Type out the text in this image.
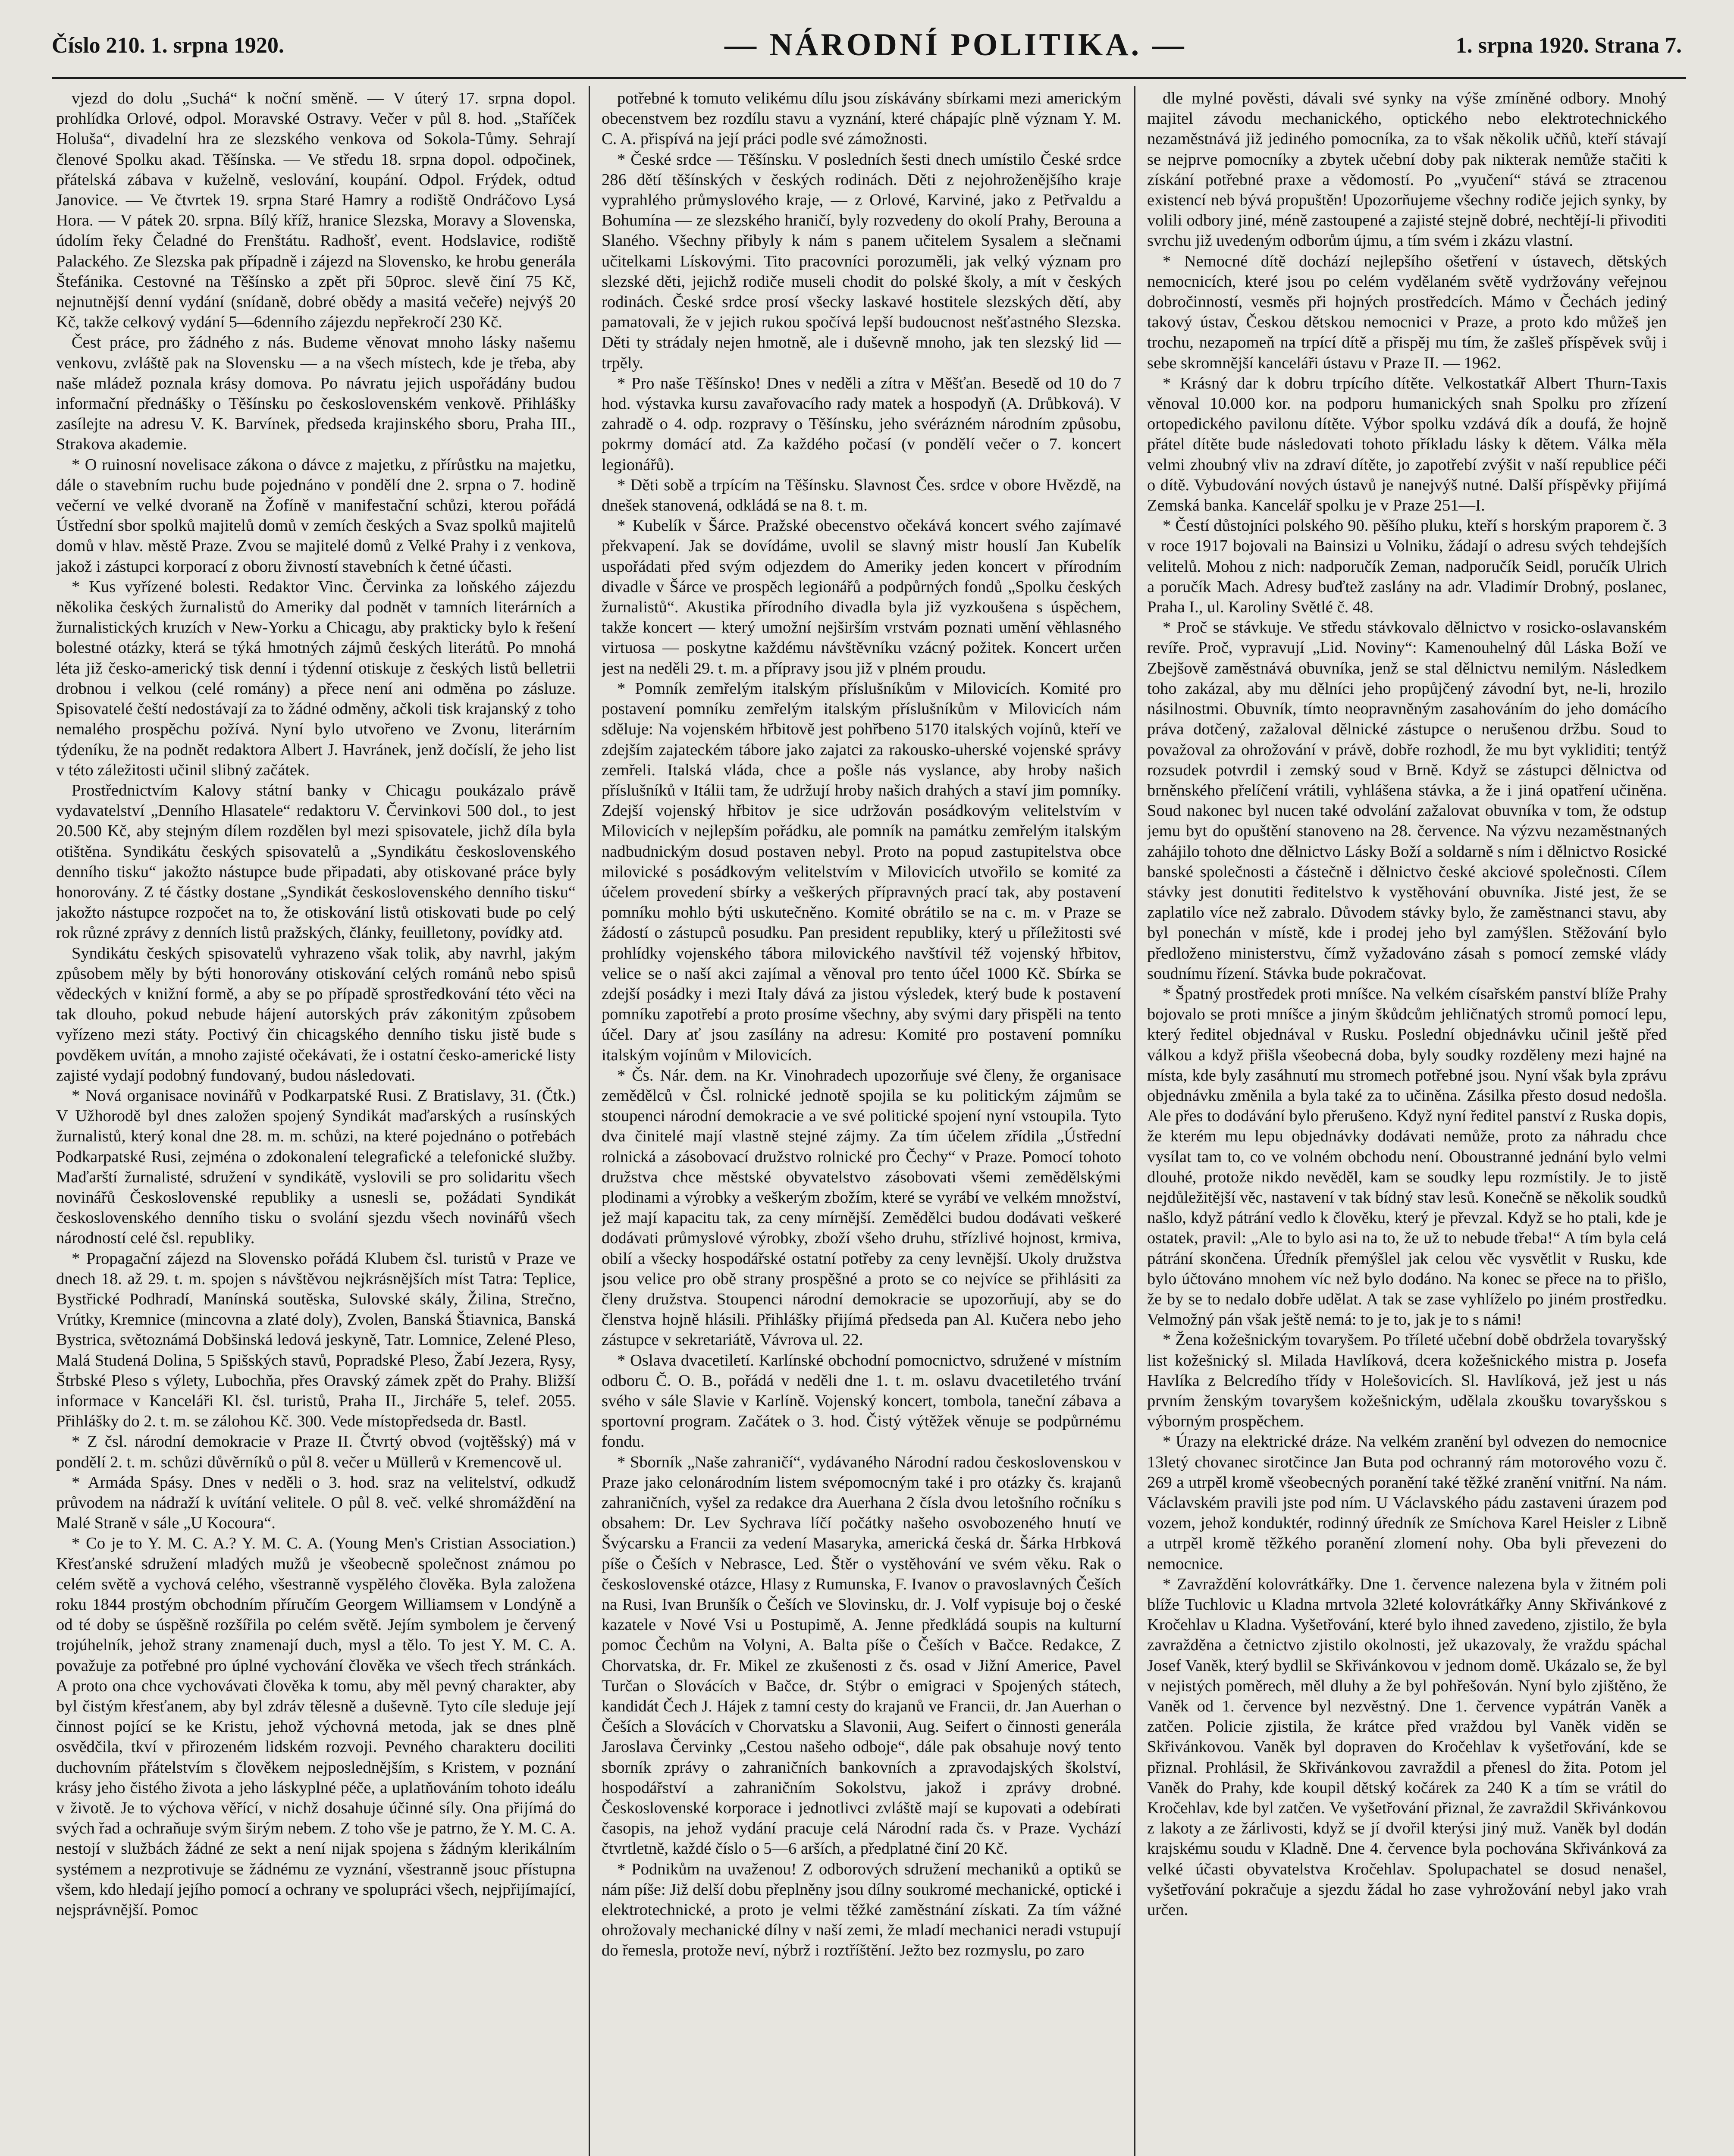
Číslo 210. 1. srpna 1920.	— NÁRODNÍ POLITIKA. —	1. srpna 1920. Strana 7.

vjezd do dolu „Suchá“ k noční směně. — V úterý 17. srpna dopol. prohlídka Orlové, odpol. Moravské Ostravy. Večer v půl 8. hod. „Staříček Holuša“, divadelní hra ze slezského venkova od Sokola-Tůmy. Sehrají členové Spolku akad. Těšínska. — Ve středu 18. srpna dopol. odpočinek, přátelská zábava v kuželně, veslování, koupání. Odpol. Frýdek, odtud Janovice. — Ve čtvrtek 19. srpna Staré Hamry a rodiště Ondráčovo Lysá Hora. — V pátek 20. srpna. Bílý kříž, hranice Slezska, Moravy a Slovenska, údolím řeky Čeladné do Frenštátu. Radhošť, event. Hodslavice, rodiště Palackého. Ze Slezska pak případně i zájezd na Slovensko, ke hrobu generála Štefánika. Cestovné na Těšínsko a zpět při 50proc. slevě činí 75 Kč, nejnutnější denní vydání (snídaně, dobré obědy a masitá večeře) nejvýš 20 Kč, takže celkový vydání 5—6denního zájezdu nepřekročí 230 Kč.

Čest práce, pro žádného z nás. Budeme věnovat mnoho lásky našemu venkovu, zvláště pak na Slovensku — a na všech místech, kde je třeba, aby naše mládež poznala krásy domova. Po návratu jejich uspořádány budou informační přednášky o Těšínsku po československém venkově. Přihlášky zasílejte na adresu V. K. Barvínek, předseda krajinského sboru, Praha III., Strakova akademie.

* O ruinosní novelisace zákona o dávce z majetku, z přírůstku na majetku, dále o stavebním ruchu bude pojednáno v pondělí dne 2. srpna o 7. hodině večerní ve velké dvoraně na Žofíně v manifestační schůzi, kterou pořádá Ústřední sbor spolků majitelů domů v zemích českých a Svaz spolků majitelů domů v hlav. městě Praze. Zvou se majitelé domů z Velké Prahy i z venkova, jakož i zástupci korporací z oboru živností stavebních k četné účasti.

* Kus vyřízené bolesti. Redaktor Vinc. Červinka za loňského zájezdu několika českých žurnalistů do Ameriky dal podnět v tamních literárních a žurnalistických kruzích v New-Yorku a Chicagu, aby prakticky bylo k řešení bolestné otázky, která se týká hmotných zájmů českých literátů. Po mnohá léta již česko-americký tisk denní i týdenní otiskuje z českých listů belletrii drobnou i velkou (celé romány) a přece není ani odměna po zásluze. Spisovatelé čeští nedostávají za to žádné odměny, ačkoli tisk krajanský z toho nemalého prospěchu požívá. Nyní bylo utvořeno ve Zvonu, literárním týdeníku, že na podnět redaktora Albert J. Havránek, jenž dočíslí, že jeho list v této záležitosti učinil slibný začátek.

Prostřednictvím Kalovy státní banky v Chicagu poukázalo právě vydavatelství „Denního Hlasatele“ redaktoru V. Červinkovi 500 dol., to jest 20.500 Kč, aby stejným dílem rozdělen byl mezi spisovatele, jichž díla byla otištěna. Syndikátu českých spisovatelů a „Syndikátu československého denního tisku“ jakožto nástupce bude připadati, aby otiskované práce byly honorovány. Z té částky dostane „Syndikát československého denního tisku“ jakožto nástupce rozpočet na to, že otiskování listů otiskovati bude po celý rok různé zprávy z denních listů pražských, články, feuilletony, povídky atd.

Syndikátu českých spisovatelů vyhrazeno však tolik, aby navrhl, jakým způsobem měly by býti honorovány otiskování celých románů nebo spisů vědeckých v knižní formě, a aby se po případě sprostředkování této věci na tak dlouho, pokud nebude hájení autorských práv zákonitým způsobem vyřízeno mezi státy. Poctivý čin chicagského denního tisku jistě bude s povděkem uvítán, a mnoho zajisté očekávati, že i ostatní česko-americké listy zajisté vydají podobný fundovaný, budou následovati.

* Nová organisace novinářů v Podkarpatské Rusi. Z Bratislavy, 31. (Čtk.) V Užhorodě byl dnes založen spojený Syndikát maďarských a rusínských žurnalistů, který konal dne 28. m. m. schůzi, na které pojednáno o potřebách Podkarpatské Rusi, zejména o zdokonalení telegrafické a telefonické služby. Maďarští žurnalisté, sdružení v syndikátě, vyslovili se pro solidaritu všech novinářů Československé republiky a usnesli se, požádati Syndikát československého denního tisku o svolání sjezdu všech novinářů všech národností celé čsl. republiky.

* Propagační zájezd na Slovensko pořádá Klubem čsl. turistů v Praze ve dnech 18. až 29. t. m. spojen s návštěvou nejkrásnějších míst Tatra: Teplice, Bystřické Podhradí, Manínská soutěska, Sulovské skály, Žilina, Strečno, Vrútky, Kremnice (mincovna a zlaté doly), Zvolen, Banská Štiavnica, Banská Bystrica, světoznámá Dobšinská ledová jeskyně, Tatr. Lomnice, Zelené Pleso, Malá Studená Dolina, 5 Spišských stavů, Popradské Pleso, Žabí Jezera, Rysy, Štrbské Pleso s výlety, Lubochňa, přes Oravský zámek zpět do Prahy. Bližší informace v Kanceláři Kl. čsl. turistů, Praha II., Jircháře 5, telef. 2055. Přihlášky do 2. t. m. se zálohou Kč. 300. Vede místopředseda dr. Bastl.

* Z čsl. národní demokracie v Praze II. Čtvrtý obvod (vojtěšský) má v pondělí 2. t. m. schůzi důvěrníků o půl 8. večer u Müllerů v Kremencově ul.

* Armáda Spásy. Dnes v neděli o 3. hod. sraz na velitelství, odkudž průvodem na nádraží k uvítání velitele. O půl 8. več. velké shromáždění na Malé Straně v sále „U Kocoura“.

* Co je to Y. M. C. A.? Y. M. C. A. (Young Men's Cristian Association.) Křesťanské sdružení mladých mužů je všeobecně společnost známou po celém světě a vychová celého, všestranně vyspělého člověka. Byla založena roku 1844 prostým obchodním příručím Georgem Williamsem v Londýně a od té doby se úspěšně rozšířila po celém světě. Jejím symbolem je červený trojúhelník, jehož strany znamenají duch, mysl a tělo. To jest Y. M. C. A. považuje za potřebné pro úplné vychování člověka ve všech třech stránkách. A proto ona chce vychovávati člověka k tomu, aby měl pevný charakter, aby byl čistým křesťanem, aby byl zdráv tělesně a duševně. Tyto cíle sleduje její činnost pojící se ke Kristu, jehož výchovná metoda, jak se dnes plně osvědčila, tkví v přirozeném lidském rozvoji. Pevného charakteru dociliti duchovním přátelstvím s člověkem nejposlednějším, s Kristem, v poznání krásy jeho čistého života a jeho láskyplné péče, a uplatňováním tohoto ideálu v životě. Je to výchova věřící, v nichž dosahuje účinné síly. Ona přijímá do svých řad a ochraňuje svým širým nebem. Z toho vše je patrno, že Y. M. C. A. nestojí v službách žádné ze sekt a není nijak spojena s žádným klerikálním systémem a nezprotivuje se žádnému ze vyznání, všestranně jsouc přístupna všem, kdo hledají jejího pomocí a ochrany ve spolupráci všech, nejpřijímající, nejsprávnější. Pomoc

potřebné k tomuto velikému dílu jsou získávány sbírkami mezi americkým obecenstvem bez rozdílu stavu a vyznání, které chápajíc plně význam Y. M. C. A. přispívá na její práci podle své zámožnosti.

* České srdce — Těšínsku. V posledních šesti dnech umístilo České srdce 286 dětí těšínských v českých rodinách. Děti z nejohroženějšího kraje vyprahlého průmyslového kraje, — z Orlové, Karviné, jako z Petřvaldu a Bohumína — ze slezského hraničí, byly rozvedeny do okolí Prahy, Berouna a Slaného. Všechny přibyly k nám s panem učitelem Sysalem a slečnami učitelkami Lískovými. Tito pracovníci porozuměli, jak velký význam pro slezské děti, jejichž rodiče museli chodit do polské školy, a mít v českých rodinách. České srdce prosí všecky laskavé hostitele slezských dětí, aby pamatovali, že v jejich rukou spočívá lepší budoucnost nešťastného Slezska. Děti ty strádaly nejen hmotně, ale i duševně mnoho, jak ten slezský lid — trpěly.

* Pro naše Těšínsko! Dnes v neděli a zítra v Měšťan. Besedě od 10 do 7 hod. výstavka kursu zavařovacího rady matek a hospodyň (A. Drůbková). V zahradě o 4. odp. rozpravy o Těšínsku, jeho svérázném národním způsobu, pokrmy domácí atd. Za každého počasí (v pondělí večer o 7. koncert legionářů).

* Děti sobě a trpícím na Těšínsku. Slavnost Čes. srdce v obore Hvězdě, na dnešek stanovená, odkládá se na 8. t. m.

* Kubelík v Šárce. Pražské obecenstvo očekává koncert svého zajímavé překvapení. Jak se dovídáme, uvolil se slavný mistr houslí Jan Kubelík uspořádati před svým odjezdem do Ameriky jeden koncert v přírodním divadle v Šárce ve prospěch legionářů a podpůrných fondů „Spolku českých žurnalistů“. Akustika přírodního divadla byla již vyzkoušena s úspěchem, takže koncert — který umožní nejširším vrstvám poznati umění věhlasného virtuosa — poskytne každému návštěvníku vzácný požitek. Koncert určen jest na neděli 29. t. m. a přípravy jsou již v plném proudu.

* Pomník zemřelým italským příslušníkům v Milovicích. Komité pro postavení pomníku zemřelým italským příslušníkům v Milovicích nám sděluje: Na vojenském hřbitově jest pohřbeno 5170 italských vojínů, kteří ve zdejším zajateckém tábore jako zajatci za rakousko-uherské vojenské správy zemřeli. Italská vláda, chce a pošle nás vyslance, aby hroby našich příslušníků v Itálii tam, že udržují hroby našich drahých a staví jim pomníky. Zdejší vojenský hřbitov je sice udržován posádkovým velitelstvím v Milovicích v nejlepším pořádku, ale pomník na památku zemřelým italským nadbudnickým dosud postaven nebyl. Proto na popud zastupitelstva obce milovické s posádkovým velitelstvím v Milovicích utvořilo se komité za účelem provedení sbírky a veškerých přípravných prací tak, aby postavení pomníku mohlo býti uskutečněno. Komité obrátilo se na c. m. v Praze se žádostí o zástupců posudku. Pan president republiky, který u příležitosti své prohlídky vojenského tábora milovického navštívil též vojenský hřbitov, velice se o naší akci zajímal a věnoval pro tento účel 1000 Kč. Sbírka se zdejší posádky i mezi Italy dává za jistou výsledek, který bude k postavení pomníku zapotřebí a proto prosíme všechny, aby svými dary přispěli na tento účel. Dary ať jsou zasílány na adresu: Komité pro postavení pomníku italským vojínům v Milovicích.

* Čs. Nár. dem. na Kr. Vinohradech upozorňuje své členy, že organisace zemědělců v Čsl. rolnické jednotě spojila se ku politickým zájmům se stoupenci národní demokracie a ve své politické spojení nyní vstoupila. Tyto dva činitelé mají vlastně stejné zájmy. Za tím účelem zřídila „Ústřední rolnická a zásobovací družstvo rolnické pro Čechy“ v Praze. Pomocí tohoto družstva chce městské obyvatelstvo zásobovati všemi zemědělskými plodinami a výrobky a veškerým zbožím, které se vyrábí ve velkém množství, jež mají kapacitu tak, za ceny mírnější. Zemědělci budou dodávati veškeré dodávati průmyslové výrobky, zboží všeho druhu, střízlivé hojnost, krmiva, obilí a všecky hospodářské ostatní potřeby za ceny levnější. Ukoly družstva jsou velice pro obě strany prospěšné a proto se co nejvíce se přihlásiti za členy družstva. Stoupenci národní demokracie se upozorňují, aby se do členstva hojně hlásili. Přihlášky přijímá předseda pan Al. Kučera nebo jeho zástupce v sekretariátě, Vávrova ul. 22.

* Oslava dvacetiletí. Karlínské obchodní pomocnictvo, sdružené v místním odboru Č. O. B., pořádá v neděli dne 1. t. m. oslavu dvacetiletého trvání svého v sále Slavie v Karlíně. Vojenský koncert, tombola, taneční zábava a sportovní program. Začátek o 3. hod. Čistý výtěžek věnuje se podpůrnému fondu.

* Sborník „Naše zahraničí“, vydávaného Národní radou československou v Praze jako celonárodním listem svépomocným také i pro otázky čs. krajanů zahraničních, vyšel za redakce dra Auerhana 2 čísla dvou letošního ročníku s obsahem: Dr. Lev Sychrava líčí počátky našeho osvobozeného hnutí ve Švýcarsku a Francii za vedení Masaryka, americká česká dr. Šárka Hrbková píše o Češích v Nebrasce, Led. Štěr o vystěhování ve svém věku. Rak o československé otázce, Hlasy z Rumunska, F. Ivanov o pravoslavných Češích na Rusi, Ivan Brunšík o Češích ve Slovinsku, dr. J. Volf vypisuje boj o české kazatele v Nové Vsi u Postupimě, A. Jenne předkládá soupis na kulturní pomoc Čechům na Volyni, A. Balta píše o Češích v Bačce. Redakce, Z Chorvatska, dr. Fr. Mikel ze zkušenosti z čs. osad v Jižní Americe, Pavel Turčan o Slovácích v Bačce, dr. Stýbr o emigraci v Spojených státech, kandidát Čech J. Hájek z tamní cesty do krajanů ve Francii, dr. Jan Auerhan o Češích a Slovácích v Chorvatsku a Slavonii, Aug. Seifert o činnosti generála Jaroslava Červinky „Cestou našeho odboje“, dále pak obsahuje nový tento sborník zprávy o zahraničních bankovních a zpravodajských školství, hospodářství a zahraničním Sokolstvu, jakož i zprávy drobné. Československé korporace i jednotlivci zvláště mají se kupovati a odebírati časopis, na jehož vydání pracuje celá Národní rada čs. v Praze. Vychází čtvrtletně, každé číslo o 5—6 arších, a předplatné činí 20 Kč.

* Podnikům na uvaženou! Z odborových sdružení mechaniků a optiků se nám píše: Již delší dobu přeplněny jsou dílny soukromé mechanické, optické i elektrotechnické, a proto je velmi těžké zaměstnání získati. Za tím vážné ohrožovaly mechanické dílny v naší zemi, že mladí mechanici neradi vstupují do řemesla, protože neví, nýbrž i roztříštění. Ježto bez rozmyslu, po zaro

dle mylné pověsti, dávali své synky na výše zmíněné odbory. Mnohý majitel závodu mechanického, optického nebo elektrotechnického nezaměstnává již jediného pomocníka, za to však několik učňů, kteří stávají se nejprve pomocníky a zbytek učební doby pak nikterak nemůže stačiti k získání potřebné praxe a vědomostí. Po „vyučení“ stává se ztracenou existencí neb bývá propuštěn! Upozorňujeme všechny rodiče jejich synky, by volili odbory jiné, méně zastoupené a zajisté stejně dobré, nechtějí-li přivoditi svrchu již uvedeným odborům újmu, a tím svém i zkázu vlastní.

* Nemocné dítě dochází nejlepšího ošetření v ústavech, dětských nemocnicích, které jsou po celém vydělaném světě vydržovány veřejnou dobročinností, vesměs při hojných prostředcích. Mámo v Čechách jediný takový ústav, Českou dětskou nemocnici v Praze, a proto kdo můžeš jen trochu, nezapomeň na trpící dítě a přispěj mu tím, že zašleš příspěvek svůj i sebe skromnější kanceláři ústavu v Praze II. — 1962.

* Krásný dar k dobru trpícího dítěte. Velkostatkář Albert Thurn-Taxis věnoval 10.000 kor. na podporu humanických snah Spolku pro zřízení ortopedického pavilonu dítěte. Výbor spolku vzdává dík a doufá, že hojně přátel dítěte bude následovati tohoto příkladu lásky k dětem. Válka měla velmi zhoubný vliv na zdraví dítěte, jo zapotřebí zvýšit v naší republice péči o dítě. Vybudování nových ústavů je nanejvýš nutné. Další příspěvky přijímá Zemská banka. Kancelář spolku je v Praze 251—I.

* Čestí důstojníci polského 90. pěšího pluku, kteří s horským praporem č. 3 v roce 1917 bojovali na Bainsizi u Volniku, žádají o adresu svých tehdejších velitelů. Mohou z nich: nadporučík Zeman, nadporučík Seidl, poručík Ulrich a poručík Mach. Adresy buďtež zaslány na adr. Vladimír Drobný, poslanec, Praha I., ul. Karoliny Světlé č. 48.

* Proč se stávkuje. Ve středu stávkovalo dělnictvo v rosicko-oslavanském revíře. Proč, vypravují „Lid. Noviny“: Kamenouhelný důl Láska Boží ve Zbejšově zaměstnává obuvníka, jenž se stal dělnictvu nemilým. Následkem toho zakázal, aby mu dělníci jeho propůjčený závodní byt, ne-li, hrozilo násilnostmi. Obuvník, tímto neopravněným zasahováním do jeho domácího práva dotčený, zažaloval dělnické zástupce o nerušenou držbu. Soud to považoval za ohrožování v právě, dobře rozhodl, že mu byt vykliditi; tentýž rozsudek potvrdil i zemský soud v Brně. Když se zástupci dělnictva od brněnského přelíčení vrátili, vyhlášena stávka, a že i jiná opatření učiněna. Soud nakonec byl nucen také odvolání zažalovat obuvníka v tom, že odstup jemu byt do opuštění stanoveno na 28. července. Na výzvu nezaměstnaných zahájilo tohoto dne dělnictvo Lásky Boží a soldarně s ním i dělnictvo Rosické banské společnosti a částečně i dělnictvo české akciové společnosti. Cílem stávky jest donutiti ředitelstvo k vystěhování obuvníka. Jisté jest, že se zaplatilo více než zabralo. Důvodem stávky bylo, že zaměstnanci stavu, aby byl ponechán v místě, kde i prodej jeho byl zamýšlen. Stěžování bylo předloženo ministerstvu, čímž vyžadováno zásah s pomocí zemské vlády soudnímu řízení. Stávka bude pokračovat.

* Špatný prostředek proti mníšce. Na velkém císařském panství blíže Prahy bojovalo se proti mníšce a jiným škůdcům jehličnatých stromů pomocí lepu, který ředitel objednával v Rusku. Poslední objednávku učinil ještě před válkou a když přišla všeobecná doba, byly soudky rozděleny mezi hajné na místa, kde byly zasáhnutí mu stromech potřebné jsou. Nyní však byla zprávu objednávku změnila a byla také za to učiněna. Zásilka přesto dosud nedošla. Ale přes to dodávání bylo přerušeno. Když nyní ředitel panství z Ruska dopis, že kterém mu lepu objednávky dodávati nemůže, proto za náhradu chce vysílat tam to, co ve volném obchodu není. Oboustranné jednání bylo velmi dlouhé, protože nikdo nevěděl, kam se soudky lepu rozmístily. Je to jistě nejdůležitější věc, nastavení v tak bídný stav lesů. Konečně se několik soudků našlo, když pátrání vedlo k člověku, který je převzal. Když se ho ptali, kde je ostatek, pravil: „Ale to bylo asi na to, že už to nebude třeba!“ A tím byla celá pátrání skončena. Úředník přemýšlel jak celou věc vysvětlit v Rusku, kde bylo účtováno mnohem víc než bylo dodáno. Na konec se přece na to přišlo, že by se to nedalo dobře udělat. A tak se zase vyhlíželo po jiném prostředku. Velmožný pán však ještě nemá: to je to, jak je to s námi!

* Žena kožešnickým tovaryšem. Po tříleté učební době obdržela tovaryšský list kožešnický sl. Milada Havlíková, dcera kožešnického mistra p. Josefa Havlíka z Belcredího třídy v Holešovicích. Sl. Havlíková, jež jest u nás prvním ženským tovaryšem kožešnickým, udělala zkoušku tovaryšskou s výborným prospěchem.

* Úrazy na elektrické dráze. Na velkém zranění byl odvezen do nemocnice 13letý chovanec sirotčince Jan Buta pod ochranný rám motorového vozu č. 269 a utrpěl kromě všeobecných poranění také těžké zranění vnitřní. Na nám. Václavském pravili jste pod ním. U Václavského pádu zastaveni úrazem pod vozem, jehož konduktér, rodinný úředník ze Smíchova Karel Heisler z Libně a utrpěl kromě těžkého poranění zlomení nohy. Oba byli převezeni do nemocnice.

* Zavraždění kolovrátkářky. Dne 1. července nalezena byla v žitném poli blíže Tuchlovic u Kladna mrtvola 32leté kolovrátkářky Anny Skřivánkové z Kročehlav u Kladna. Vyšetřování, které bylo ihned zavedeno, zjistilo, že byla zavražděna a četnictvo zjistilo okolnosti, jež ukazovaly, že vraždu spáchal Josef Vaněk, který bydlil se Skřivánkovou v jednom domě. Ukázalo se, že byl v nejistých poměrech, měl dluhy a že byl pohřešován. Nyní bylo zjištěno, že Vaněk od 1. července byl nezvěstný. Dne 1. července vypátrán Vaněk a zatčen. Policie zjistila, že krátce před vraždou byl Vaněk viděn se Skřivánkovou. Vaněk byl dopraven do Kročehlav k vyšetřování, kde se přiznal. Prohlásil, že Skřivánkovou zavraždil a přenesl do žita. Potom jel Vaněk do Prahy, kde koupil dětský kočárek za 240 K a tím se vrátil do Kročehlav, kde byl zatčen. Ve vyšetřování přiznal, že zavraždil Skřivánkovou z lakoty a ze žárlivosti, když se jí dvořil kterýsi jiný muž. Vaněk byl dodán krajskému soudu v Kladně. Dne 4. července byla pochována Skřivánková za velké účasti obyvatelstva Kročehlav. Spolupachatel se dosud nenašel, vyšetřování pokračuje a sjezdu žádal ho zase vyhrožování nebyl jako vrah určen.
